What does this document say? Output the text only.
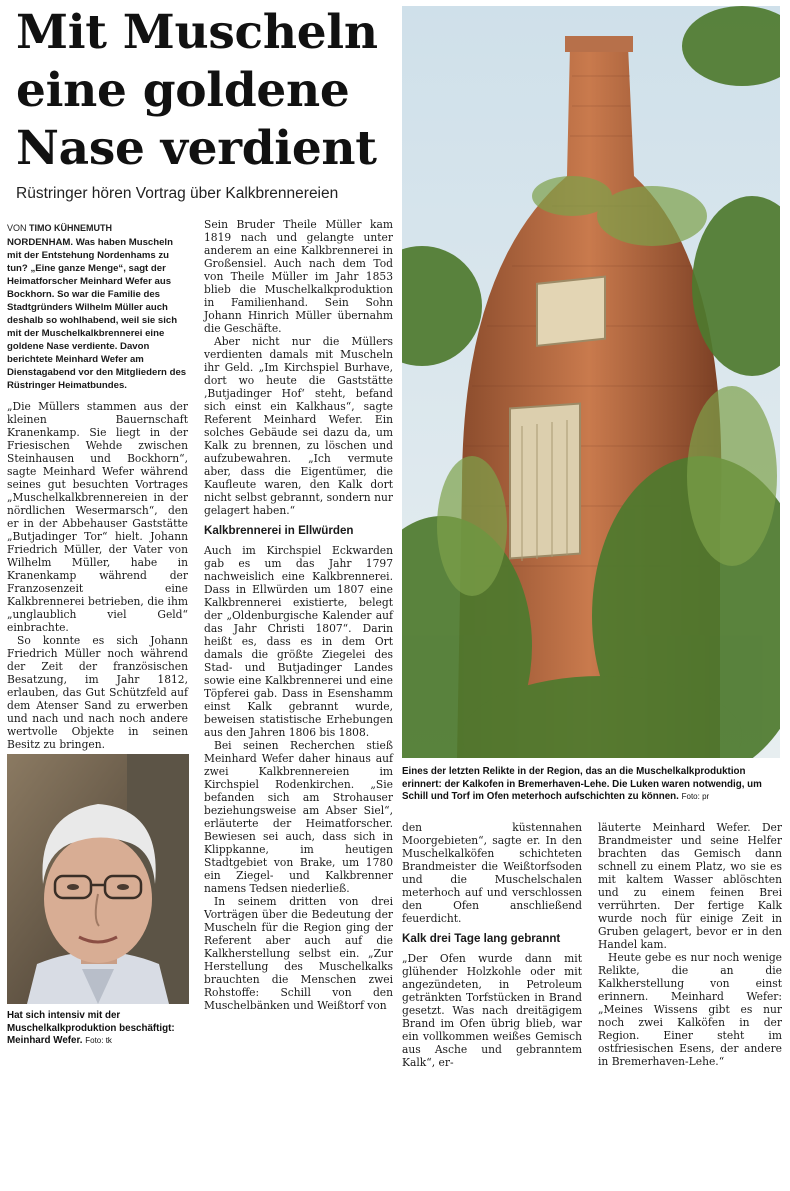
Mit Muscheln
eine goldene
Nase verdient
Rüstringer hören Vortrag über Kalkbrennereien
VON TIMO KÜHNEMUTH
NORDENHAM. Was haben Muscheln mit der Entstehung Nordenhams zu tun? „Eine ganze Menge“, sagt der Heimatforscher Meinhard Wefer aus Bockhorn. So war die Familie des Stadtgründers Wilhelm Müller auch deshalb so wohlhabend, weil sie sich mit der Muschelkalkbrennerei eine goldene Nase verdiente. Davon berichtete Meinhard Wefer am Dienstagabend vor den Mitgliedern des Rüstringer Heimatbundes.

„Die Müllers stammen aus der kleinen Bauernschaft Kranenkamp. Sie liegt in der Friesischen Wehde zwischen Steinhausen und Bockhorn“, sagte Meinhard Wefer während seines gut besuchten Vortrages „Muschelkalkbrennereien in der nördlichen Wesermarsch“, den er in der Abbehauser Gaststätte „Butjadinger Tor“ hielt. Johann Friedrich Müller, der Vater von Wilhelm Müller, habe in Kranenkamp während der Franzosenzeit eine Kalkbrennerei betrieben, die ihm „unglaublich viel Geld“ einbrachte.

So konnte es sich Johann Friedrich Müller noch während der Zeit der französischen Besatzung, im Jahr 1812, erlauben, das Gut Schützfeld auf dem Atenser Sand zu erwerben und nach und nach noch andere wertvolle Objekte in seinen Besitz zu bringen.

Hat sich intensiv mit der Muschelkalkproduktion beschäftigt: Meinhard Wefer. Foto: tk

Sein Bruder Theile Müller kam 1819 nach und gelangte unter anderem an eine Kalkbrennerei in Großensiel. Auch nach dem Tod von Theile Müller im Jahr 1853 blieb die Muschelkalkproduktion in Familienhand. Sein Sohn Johann Hinrich Müller übernahm die Geschäfte.

Aber nicht nur die Müllers verdienten damals mit Muscheln ihr Geld. „Im Kirchspiel Burhave, dort wo heute die Gaststätte ‚Butjadinger Hof‘ steht, befand sich einst ein Kalkhaus“, sagte Referent Meinhard Wefer. Ein solches Gebäude sei dazu da, um Kalk zu brennen, zu löschen und aufzubewahren. „Ich vermute aber, dass die Eigentümer, die Kaufleute waren, den Kalk dort nicht selbst gebrannt, sondern nur gelagert haben.“

Kalkbrennerei in Ellwürden

Auch im Kirchspiel Eckwarden gab es um das Jahr 1797 nachweislich eine Kalkbrennerei. Dass in Ellwürden um 1807 eine Kalkbrennerei existierte, belegt der „Oldenburgische Kalender auf das Jahr Christi 1807“. Darin heißt es, dass es in dem Ort damals die größte Ziegelei des Stad- und Butjadinger Landes sowie eine Kalkbrennerei und eine Töpferei gab. Dass in Esenshamm einst Kalk gebrannt wurde, beweisen statistische Erhebungen aus den Jahren 1806 bis 1808.

Bei seinen Recherchen stieß Meinhard Wefer daher hinaus auf zwei Kalkbrennereien im Kirchspiel Rodenkirchen. „Sie befanden sich am Strohauser beziehungsweise am Abser Siel“, erläuterte der Heimatforscher. Bewiesen sei auch, dass sich in Klippkanne, im heutigen Stadtgebiet von Brake, um 1780 ein Ziegel- und Kalkbrenner namens Tedsen niederließ.

In seinem dritten von drei Vorträgen über die Bedeutung der Muscheln für die Region ging der Referent aber auch auf die Kalkherstellung selbst ein. „Zur Herstellung des Muschelkalks brauchten die Menschen zwei Rohstoffe: Schill von den Muschelbänken und Weißtorf von

Eines der letzten Relikte in der Region, das an die Muschelkalkproduktion erinnert: der Kalkofen in Bremerhaven-Lehe. Die Luken waren notwendig, um Schill und Torf im Ofen meterhoch aufschichten zu können. Foto: pr

den küstennahen Moorgebieten“, sagte er. In den Muschelkalköfen schichteten Brandmeister die Weißtorfsoden und die Muschelschalen meterhoch auf und verschlossen den Ofen anschließend feuerdicht.

Kalk drei Tage lang gebrannt

„Der Ofen wurde dann mit glühender Holzkohle oder mit angezündeten, in Petroleum getränkten Torfstücken in Brand gesetzt. Was nach dreitägigem Brand im Ofen übrig blieb, war ein vollkommen weißes Gemisch aus Asche und gebranntem Kalk“, er-

läuterte Meinhard Wefer. Der Brandmeister und seine Helfer brachten das Gemisch dann schnell zu einem Platz, wo sie es mit kaltem Wasser ablöschten und zu einem feinen Brei verrührten. Der fertige Kalk wurde noch für einige Zeit in Gruben gelagert, bevor er in den Handel kam.

Heute gebe es nur noch wenige Relikte, die an die Kalkherstellung von einst erinnern. Meinhard Wefer: „Meines Wissens gibt es nur noch zwei Kalköfen in der Region. Einer steht im ostfriesischen Esens, der andere in Bremerhaven-Lehe.“
